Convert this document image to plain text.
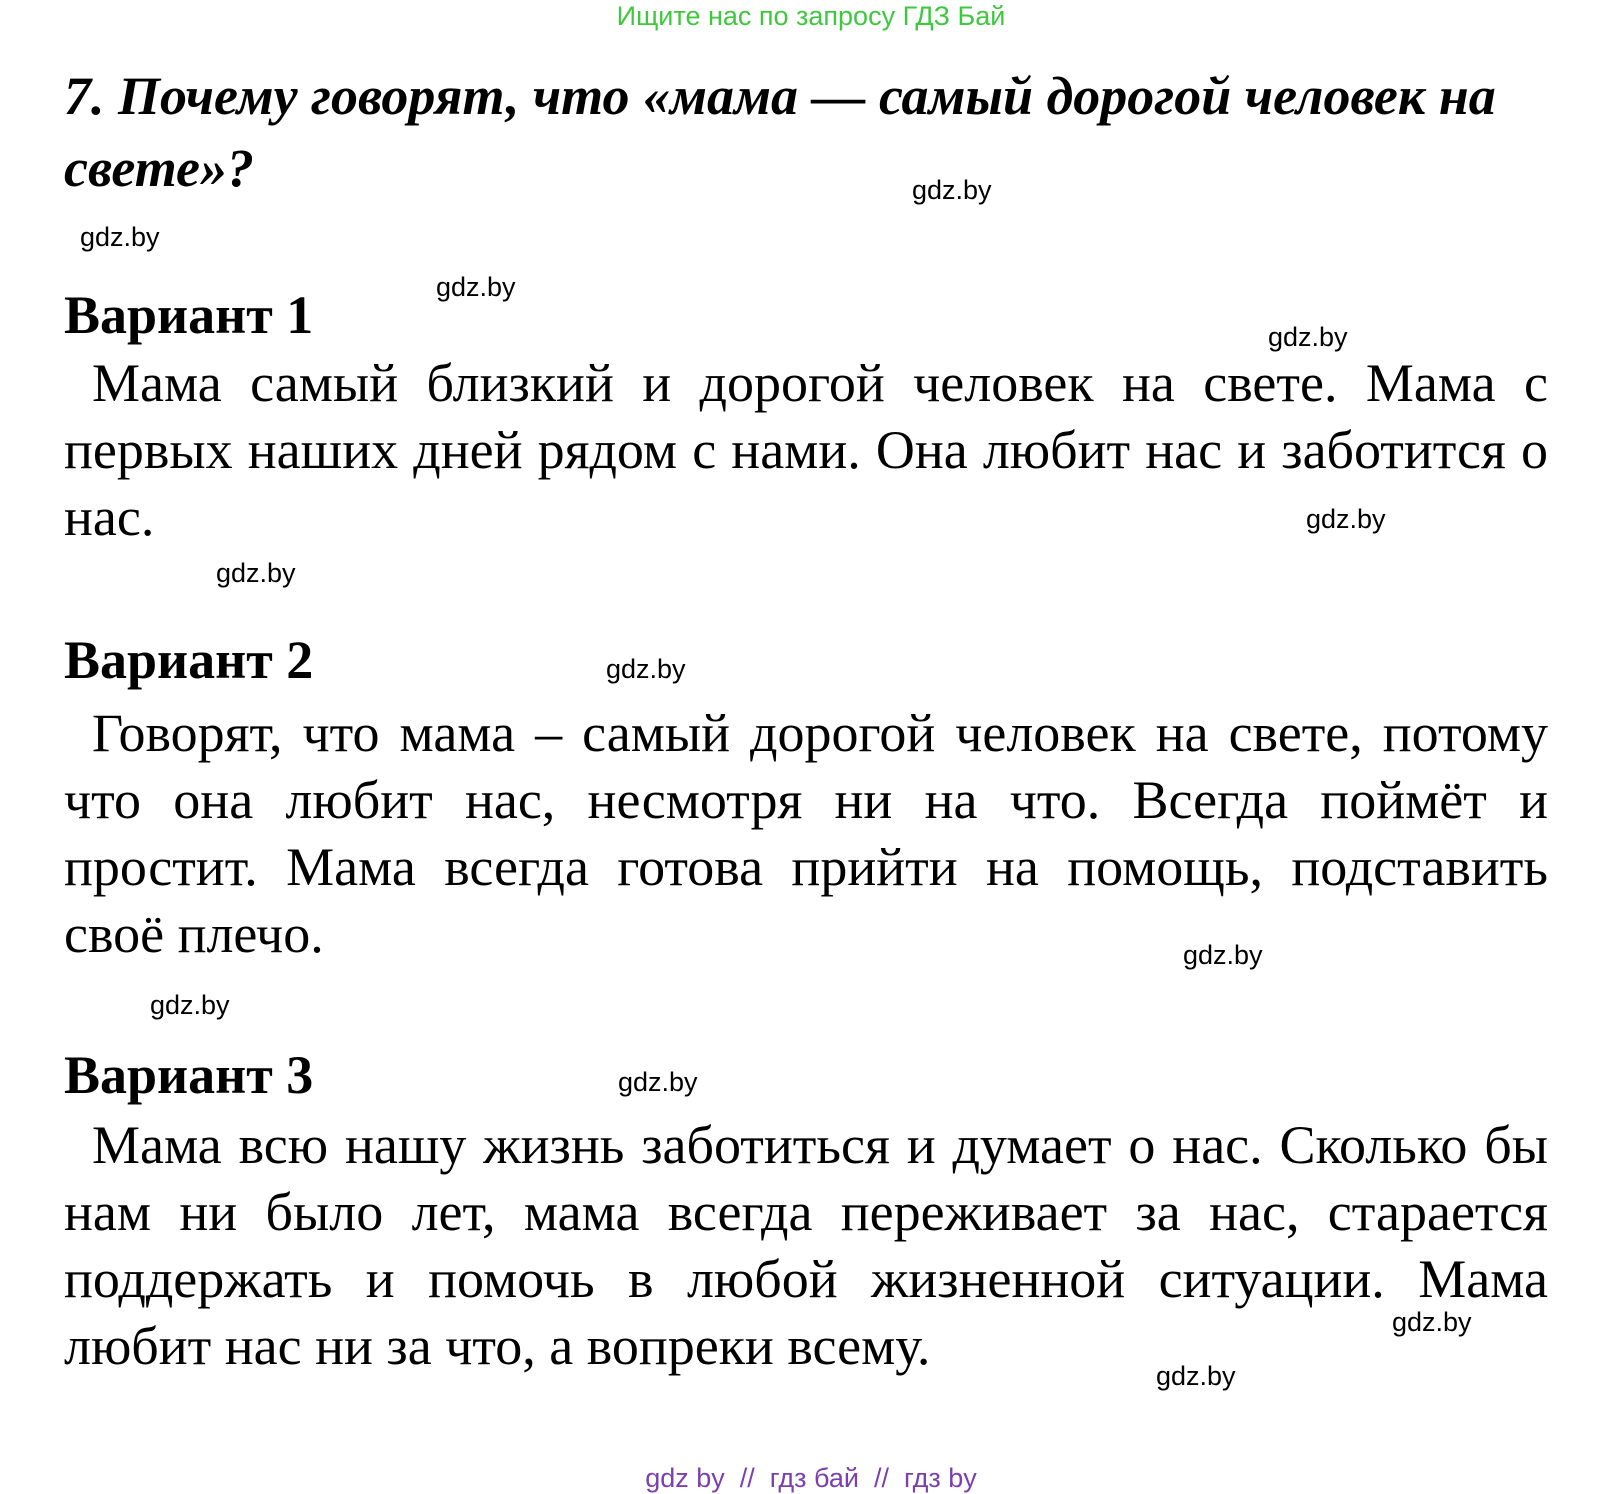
Ищите нас по запросу ГДЗ Бай

7. Почему говорят, что «мама — самый дорогой человек на свете»?

Вариант 1

Мама самый близкий и дорогой человек на свете. Мама с первых наших дней рядом с нами. Она любит нас и заботится о нас.

Вариант 2

Говорят, что мама – самый дорогой человек на свете, потому что она любит нас, несмотря ни на что. Всегда поймёт и простит. Мама всегда готова прийти на помощь, подставить своё плечо.

Вариант 3

Мама всю нашу жизнь заботиться и думает о нас. Сколько бы нам ни было лет, мама всегда переживает за нас, старается поддержать и помочь в любой жизненной ситуации. Мама любит нас ни за что, а вопреки всему.

gdz.by
gdz.by
gdz.by
gdz.by
gdz.by
gdz.by
gdz.by
gdz.by
gdz.by
gdz.by
gdz.by
gdz.by
gdz by  //  гдз бай  //  гдз by
